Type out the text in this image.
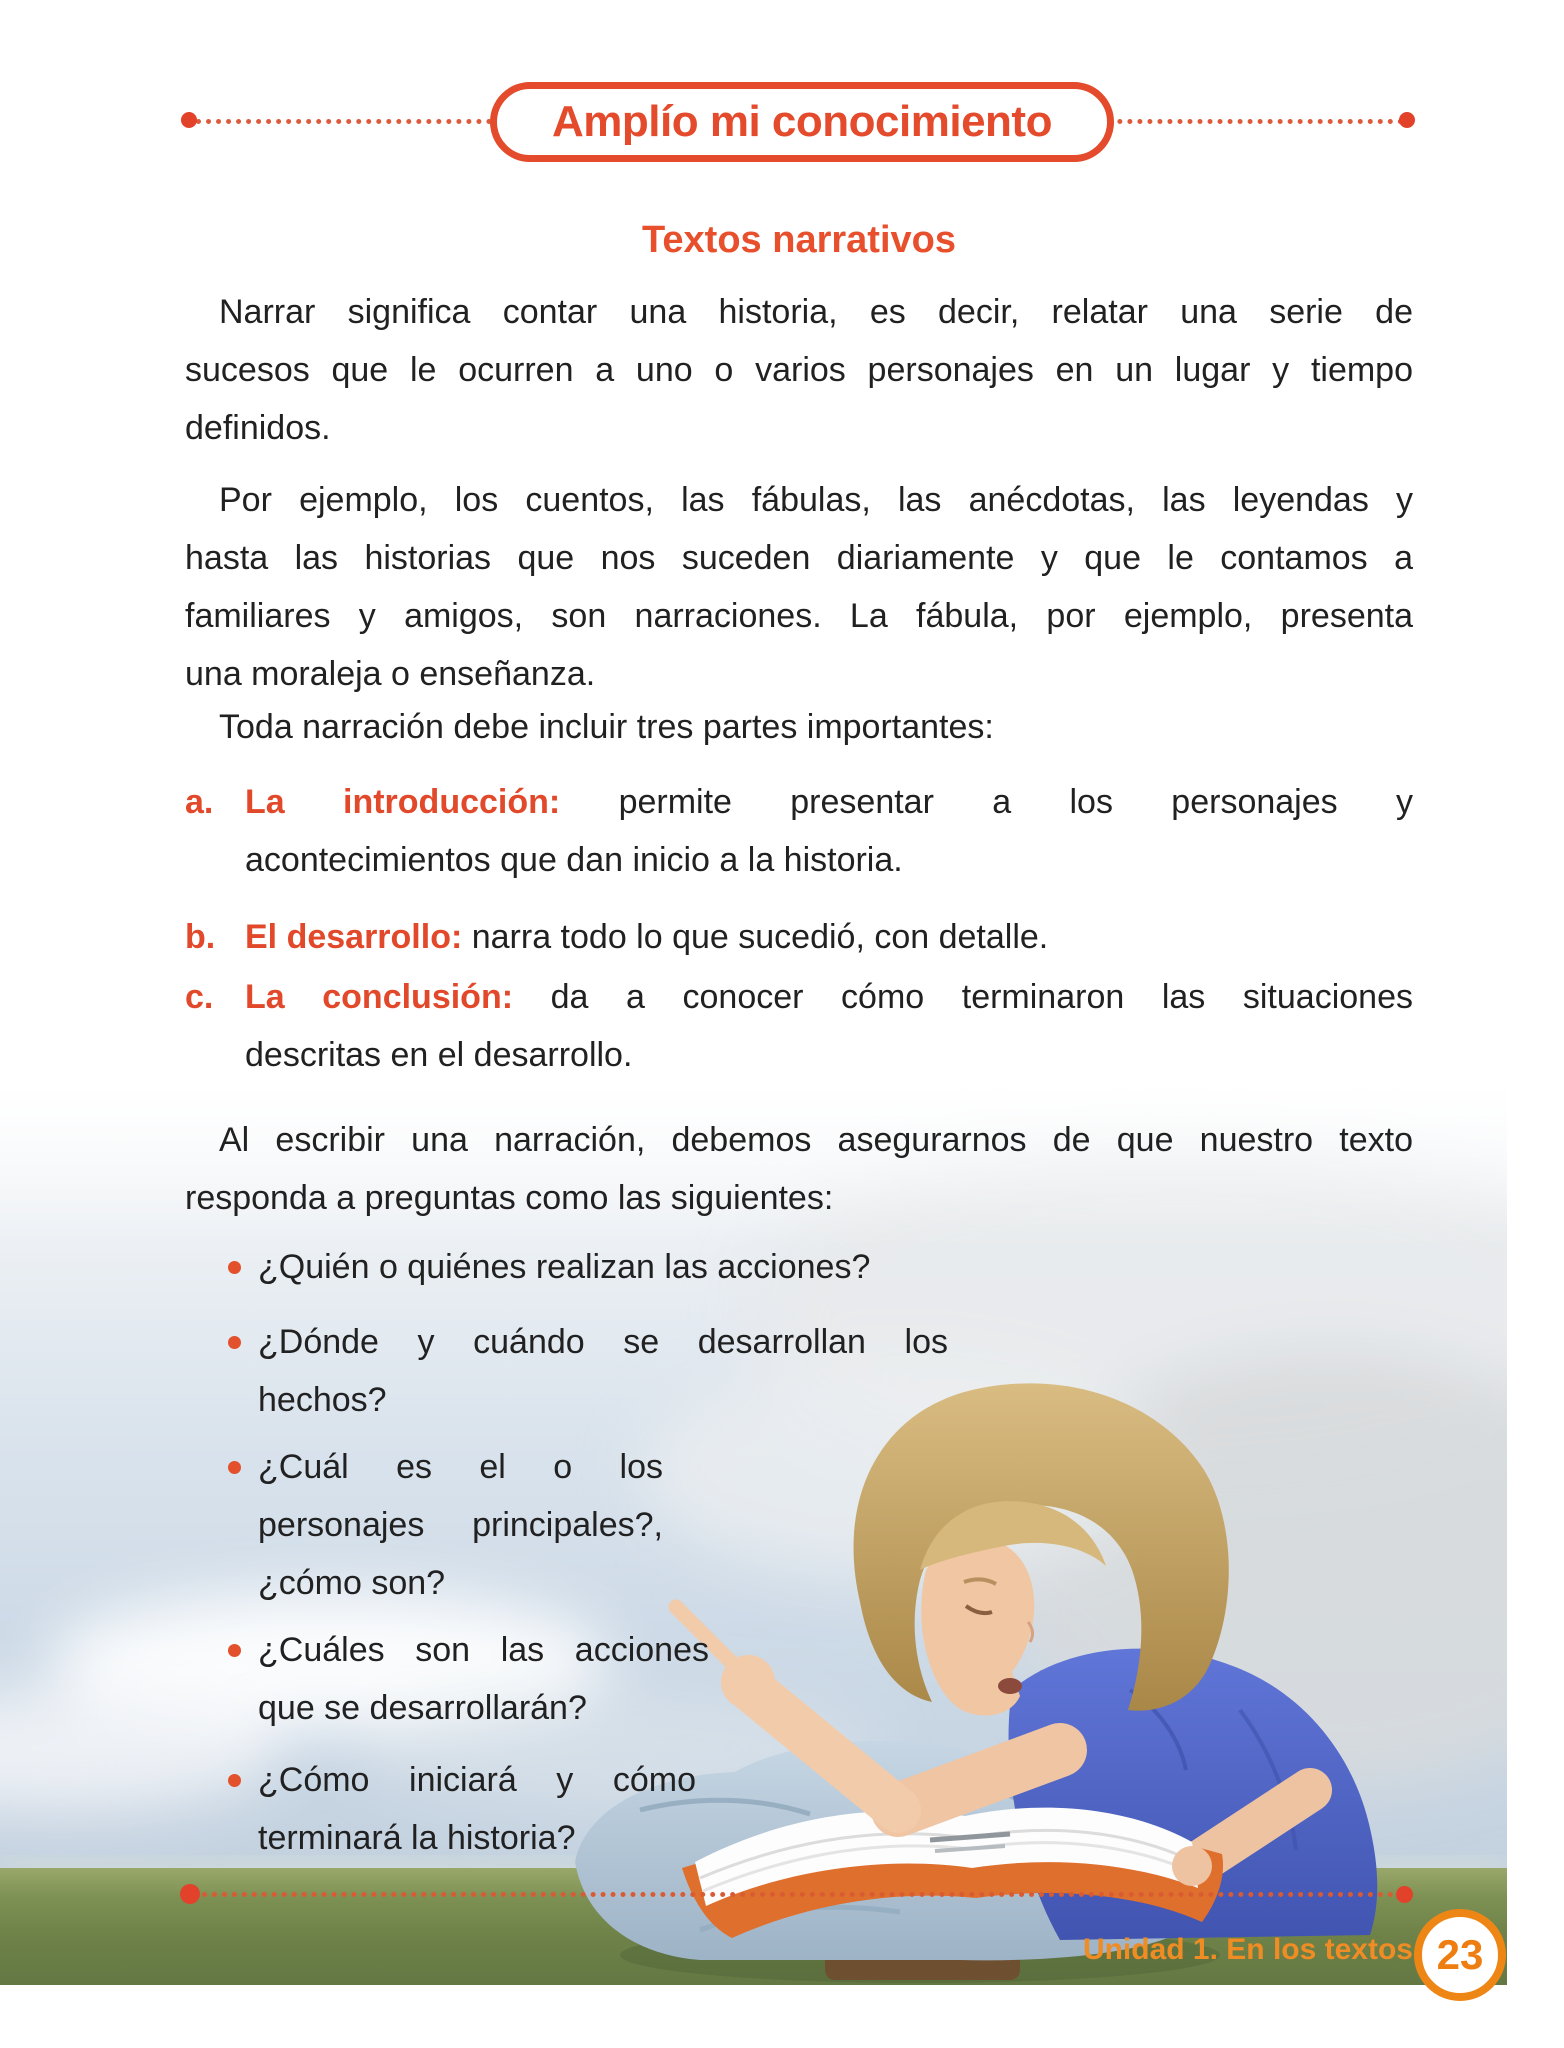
Amplío mi conocimiento
Textos narrativos
Narrar significa contar una historia, es decir, relatar una serie de
sucesos que le ocurren a uno o varios personajes en un lugar y tiempo
definidos.
Por ejemplo, los cuentos, las fábulas, las anécdotas, las leyendas y
hasta las historias que nos suceden diariamente y que le contamos a
familiares y amigos, son narraciones. La fábula, por ejemplo, presenta
una moraleja o enseñanza.
Toda narración debe incluir tres partes importantes:
a. La introducción: permite presentar a los personajes y
acontecimientos que dan inicio a la historia.
b. El desarrollo: narra todo lo que sucedió, con detalle.
c. La conclusión: da a conocer cómo terminaron las situaciones
descritas en el desarrollo.
Al escribir una narración, debemos asegurarnos de que nuestro texto
responda a preguntas como las siguientes:
¿Quién o quiénes realizan las acciones?
¿Dónde y cuándo se desarrollan los
hechos?
¿Cuál es el o los
personajes principales?,
¿cómo son?
¿Cuáles son las acciones
que se desarrollarán?
¿Cómo iniciará y cómo
terminará la historia?
Unidad 1. En los textos 23
